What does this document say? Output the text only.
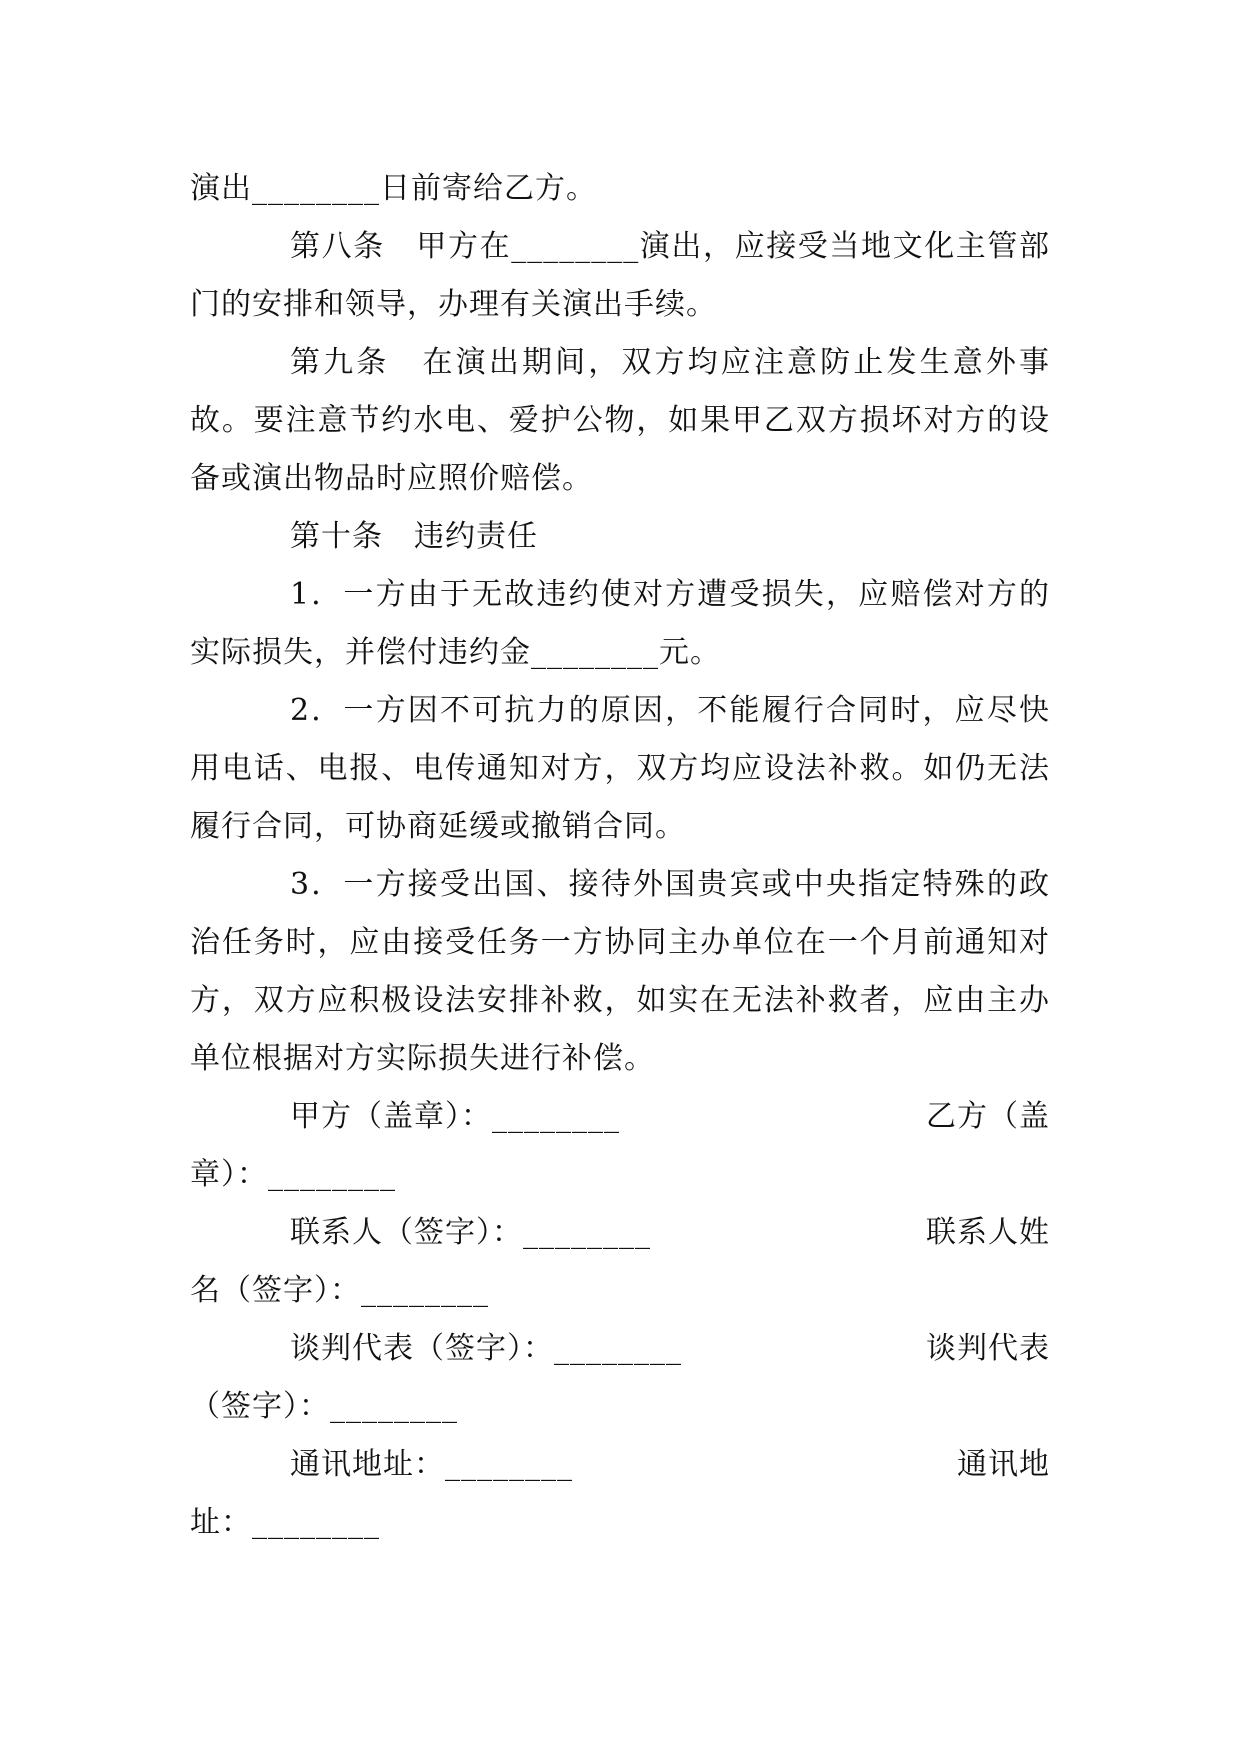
演出________日前寄给乙方。

第八条　甲方在________演出，应接受当地文化主管部门的安排和领导，办理有关演出手续。

第九条　在演出期间，双方均应注意防止发生意外事故。要注意节约水电、爱护公物，如果甲乙双方损坏对方的设备或演出物品时应照价赔偿。

第十条　违约责任

1．一方由于无故违约使对方遭受损失，应赔偿对方的实际损失，并偿付违约金________元。

2．一方因不可抗力的原因，不能履行合同时，应尽快用电话、电报、电传通知对方，双方均应设法补救。如仍无法履行合同，可协商延缓或撤销合同。

3．一方接受出国、接待外国贵宾或中央指定特殊的政治任务时，应由接受任务一方协同主办单位在一个月前通知对方，双方应积极设法安排补救，如实在无法补救者，应由主办单位根据对方实际损失进行补偿。

甲方（盖章）：________	乙方（盖
章）：________
联系人（签字）：________	联系人姓
名（签字）：________
谈判代表（签字）：________	谈判代表
（签字）：________
通讯地址：________	通讯地
址：________
